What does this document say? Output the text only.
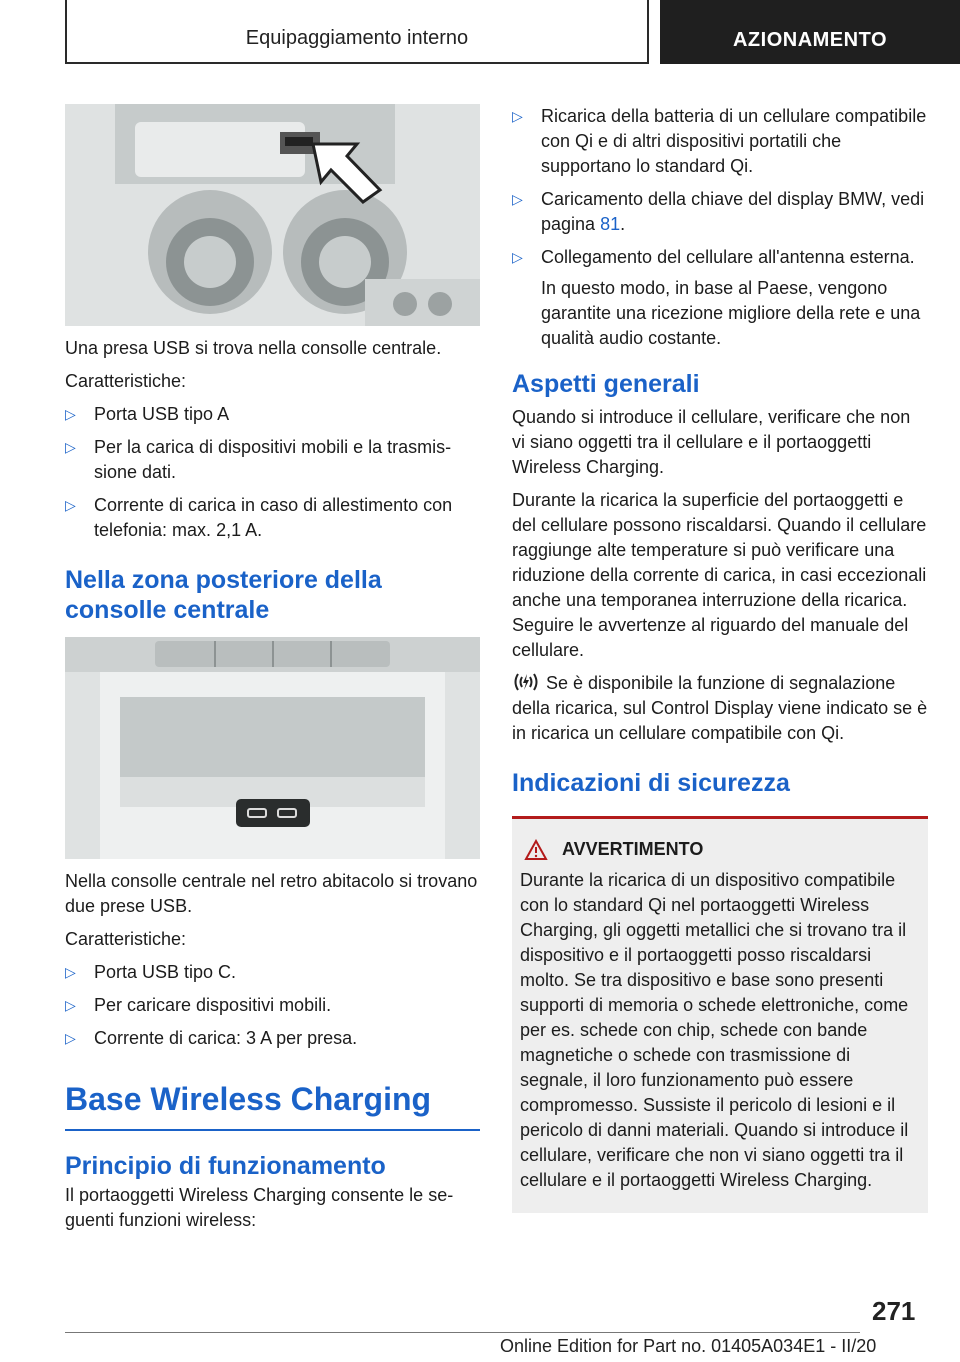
Equipaggiamento interno	AZIONAMENTO

Una presa USB si trova nella consolle centrale.

Caratteristiche:

▷ Porta USB tipo A
▷ Per la carica di dispositivi mobili e la trasmissione dati.
▷ Corrente di carica in caso di allestimento con telefonia: max. 2,1 A.
Nella zona posteriore della consolle centrale

Nella consolle centrale nel retro abitacolo si trovano due prese USB.

Caratteristiche:

▷ Porta USB tipo C.
▷ Per caricare dispositivi mobili.
▷ Corrente di carica: 3 A per presa.
Base Wireless Charging
Principio di funzionamento

Il portaoggetti Wireless Charging consente le seguenti funzioni wireless:

▷ Ricarica della batteria di un cellulare compatibile con Qi e di altri dispositivi portatili che supportano lo standard Qi.
▷ Caricamento della chiave del display BMW, vedi pagina 81.
▷ Collegamento del cellulare all'antenna esterna.
In questo modo, in base al Paese, vengono garantite una ricezione migliore della rete e una qualità audio costante.
Aspetti generali

Quando si introduce il cellulare, verificare che non vi siano oggetti tra il cellulare e il portaoggetti Wireless Charging.

Durante la ricarica la superficie del portaoggetti e del cellulare possono riscaldarsi. Quando il cellulare raggiunge alte temperature si può verificare una riduzione della corrente di carica, in casi eccezionali anche una temporanea interruzione della ricarica. Seguire le avvertenze al riguardo del manuale del cellulare.

Se è disponibile la funzione di segnalazione della ricarica, sul Control Display viene indicato se è in ricarica un cellulare compatibile con Qi.

Indicazioni di sicurezza
AVVERTIMENTO
Durante la ricarica di un dispositivo compatibile con lo standard Qi nel portaoggetti Wireless Charging, gli oggetti metallici che si trovano tra il dispositivo e il portaoggetti posso riscaldarsi molto. Se tra dispositivo e base sono presenti supporti di memoria o schede elettroniche, come per es. schede con chip, schede con bande magnetiche o schede con trasmissione di segnale, il loro funzionamento può essere compromesso. Sussiste il pericolo di lesioni e il pericolo di danni materiali. Quando si introduce il cellulare, verificare che non vi siano oggetti tra il cellulare e il portaoggetti Wireless Charging.
271
Online Edition for Part no. 01405A034E1 - II/20
